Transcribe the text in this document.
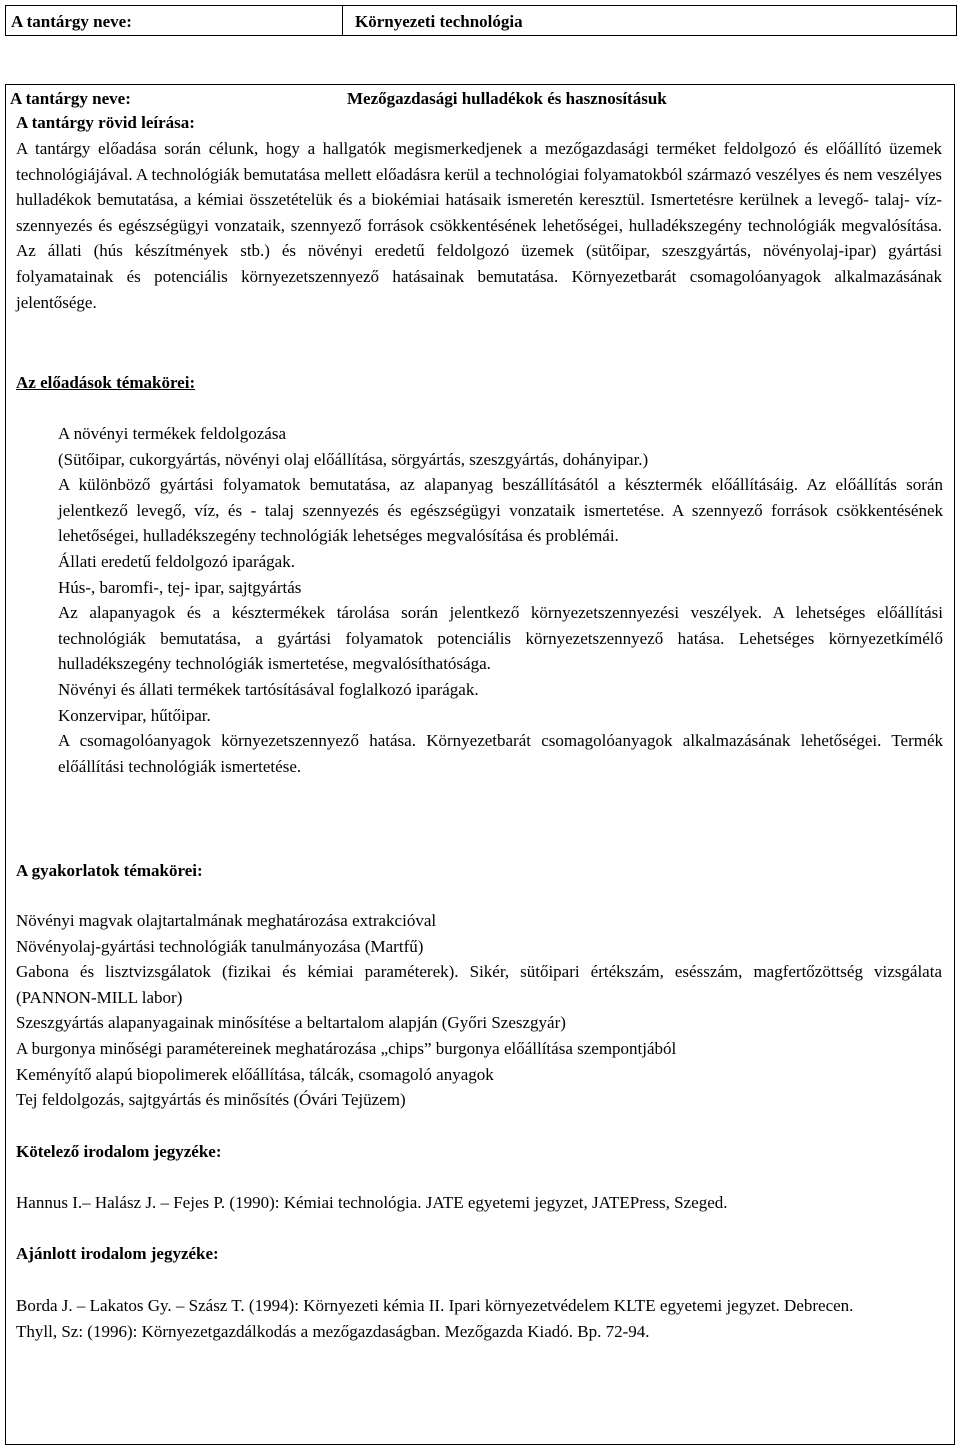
A tantárgy neve:	Környezeti technológia
A tantárgy neve:	Mezőgazdasági hulladékok és hasznosításuk
A tantárgy rövid leírása:

A tantárgy előadása során célunk, hogy a hallgatók megismerkedjenek a mezőgazdasági terméket feldolgozó és előállító üzemek technológiájával. A technológiák bemutatása mellett előadásra kerül a technológiai folyamatokból származó veszélyes és nem veszélyes hulladékok bemutatása, a kémiai összetételük és a biokémiai hatásaik ismeretén keresztül. Ismertetésre kerülnek a levegő- talaj- víz-szennyezés és egészségügyi vonzataik, szennyező források csökkentésének lehetőségei, hulladékszegény technológiák megvalósítása. Az állati (hús készítmények stb.) és növényi eredetű feldolgozó üzemek (sütőipar, szeszgyártás, növényolaj-ipar) gyártási folyamatainak és potenciális környezetszennyező hatásainak bemutatása. Környezetbarát csomagolóanyagok alkalmazásának jelentősége.

Az előadások témakörei:

A növényi termékek feldolgozása

(Sütőipar, cukorgyártás, növényi olaj előállítása, sörgyártás, szeszgyártás, dohányipar.)

A különböző gyártási folyamatok bemutatása, az alapanyag beszállításától a késztermék előállításáig. Az előállítás során jelentkező levegő, víz, és - talaj szennyezés és egészségügyi vonzataik ismertetése. A szennyező források csökkentésének lehetőségei, hulladékszegény technológiák lehetséges megvalósítása és problémái.

Állati eredetű feldolgozó iparágak.

Hús-, baromfi-, tej- ipar, sajtgyártás

Az alapanyagok és a késztermékek tárolása során jelentkező környezetszennyezési veszélyek. A lehetséges előállítási technológiák bemutatása, a gyártási folyamatok potenciális környezetszennyező hatása. Lehetséges környezetkímélő hulladékszegény technológiák ismertetése, megvalósíthatósága.

Növényi és állati termékek tartósításával foglalkozó iparágak.

Konzervipar, hűtőipar.

A csomagolóanyagok környezetszennyező hatása. Környezetbarát csomagolóanyagok alkalmazásának lehetőségei. Termék előállítási technológiák ismertetése.

A gyakorlatok témakörei:

Növényi magvak olajtartalmának meghatározása extrakcióval

Növényolaj-gyártási technológiák tanulmányozása (Martfű)

Gabona és lisztvizsgálatok (fizikai és kémiai paraméterek). Sikér, sütőipari értékszám, esésszám, magfertőzöttség vizsgálata (PANNON-MILL labor)

Szeszgyártás alapanyagainak minősítése a beltartalom alapján (Győri Szeszgyár)

A burgonya minőségi paramétereinek meghatározása „chips” burgonya előállítása szempontjából

Keményítő alapú biopolimerek előállítása, tálcák, csomagoló anyagok

Tej feldolgozás, sajtgyártás és minősítés (Óvári Tejüzem)

Kötelező irodalom jegyzéke:

Hannus I.– Halász J. – Fejes P. (1990): Kémiai technológia. JATE egyetemi jegyzet, JATEPress, Szeged.

Ajánlott irodalom jegyzéke:

Borda J. – Lakatos Gy. – Szász T. (1994): Környezeti kémia II. Ipari környezetvédelem KLTE egyetemi jegyzet. Debrecen.

Thyll, Sz: (1996): Környezetgazdálkodás a mezőgazdaságban. Mezőgazda Kiadó. Bp. 72-94.
